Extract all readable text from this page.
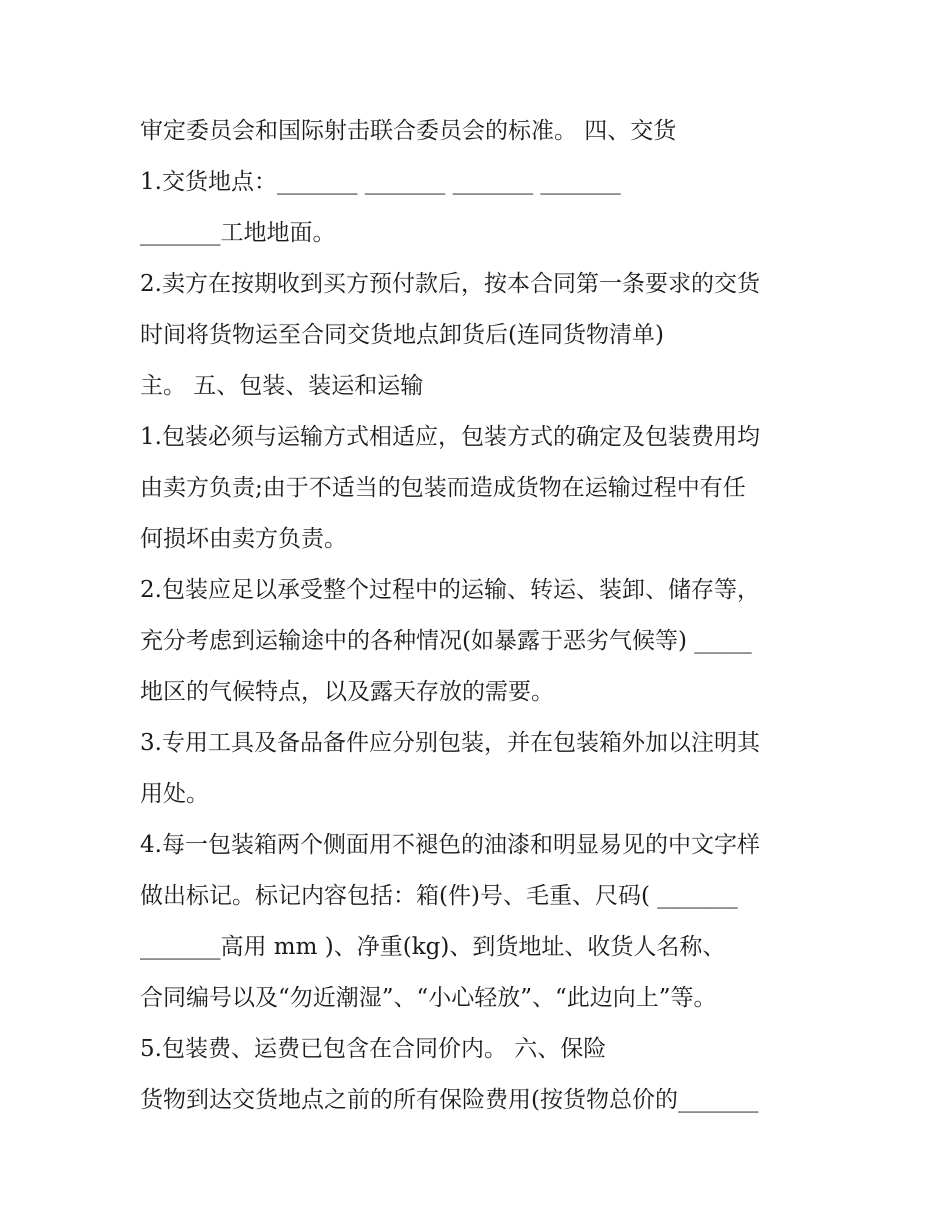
审定委员会和国际射击联合委员会的标准。 四、交货
1.交货地点：_______ _______ _______ _______
_______工地地面。
2.卖方在按期收到买方预付款后，按本合同第一条要求的交货
时间将货物运至合同交货地点卸货后(连同货物清单)
主。 五、包装、装运和运输
1.包装必须与运输方式相适应，包装方式的确定及包装费用均
由卖方负责;由于不适当的包装而造成货物在运输过程中有任
何损坏由卖方负责。
2.包装应足以承受整个过程中的运输、转运、装卸、储存等，
充分考虑到运输途中的各种情况(如暴露于恶劣气候等) _____
地区的气候特点，以及露天存放的需要。
3.专用工具及备品备件应分别包装，并在包装箱外加以注明其
用处。
4.每一包装箱两个侧面用不褪色的油漆和明显易见的中文字样
做出标记。标记内容包括：箱(件)号、毛重、尺码( _______
_______高用 mm )、净重(kg)、到货地址、收货人名称、
合同编号以及“勿近潮湿”、“小心轻放”、“此边向上”等。
5.包装费、运费已包含在合同价内。 六、保险
货物到达交货地点之前的所有保险费用(按货物总价的_______
